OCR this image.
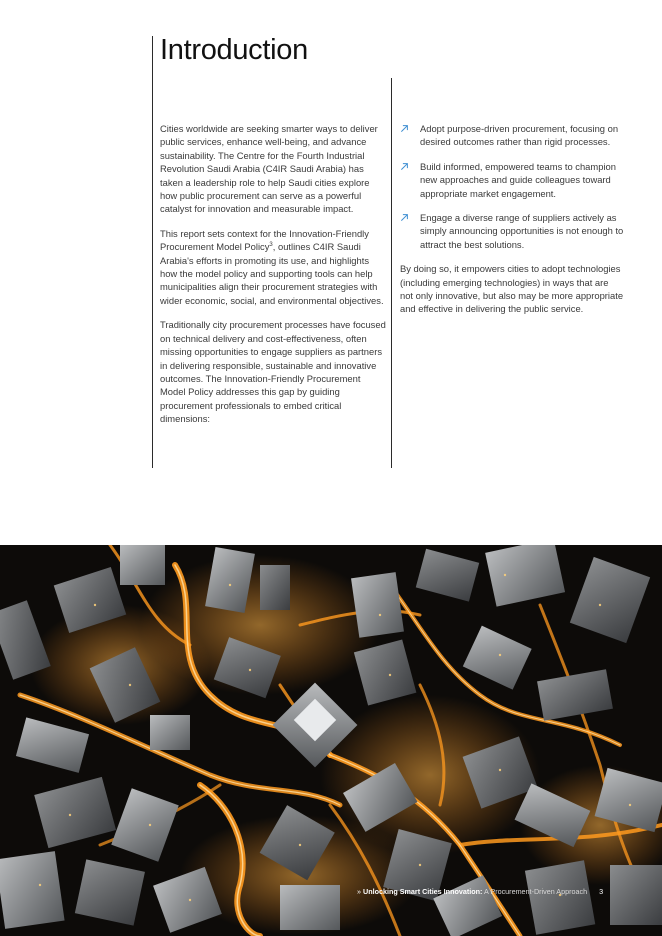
Introduction

Cities worldwide are seeking smarter ways to deliver public services, enhance well-being, and advance sustainability. The Centre for the Fourth Industrial Revolution Saudi Arabia (C4IR Saudi Arabia) has taken a leadership role to help Saudi cities explore how public procurement can serve as a powerful catalyst for innovation and measurable impact.

This report sets context for the Innovation-Friendly Procurement Model Policy$^3$, outlines C4IR Saudi Arabia's efforts in promoting its use, and highlights how the model policy and supporting tools can help municipalities align their procurement strategies with wider economic, social, and environmental objectives.

Traditionally city procurement processes have focused on technical delivery and cost-effectiveness, often missing opportunities to engage suppliers as partners in delivering responsible, sustainable and innovative outcomes. The Innovation-Friendly Procurement Model Policy addresses this gap by guiding procurement professionals to embed critical dimensions:

Adopt purpose-driven procurement, focusing on desired outcomes rather than rigid processes.
Build informed, empowered teams to champion new approaches and guide colleagues toward appropriate market engagement.
Engage a diverse range of suppliers actively as simply announcing opportunities is not enough to attract the best solutions.

By doing so, it empowers cities to adopt technologies (including emerging technologies) in ways that are not only innovative, but also may be more appropriate and effective in delivering the public service.

» Unlocking Smart Cities Innovation: A Procurement-Driven Approach 3
